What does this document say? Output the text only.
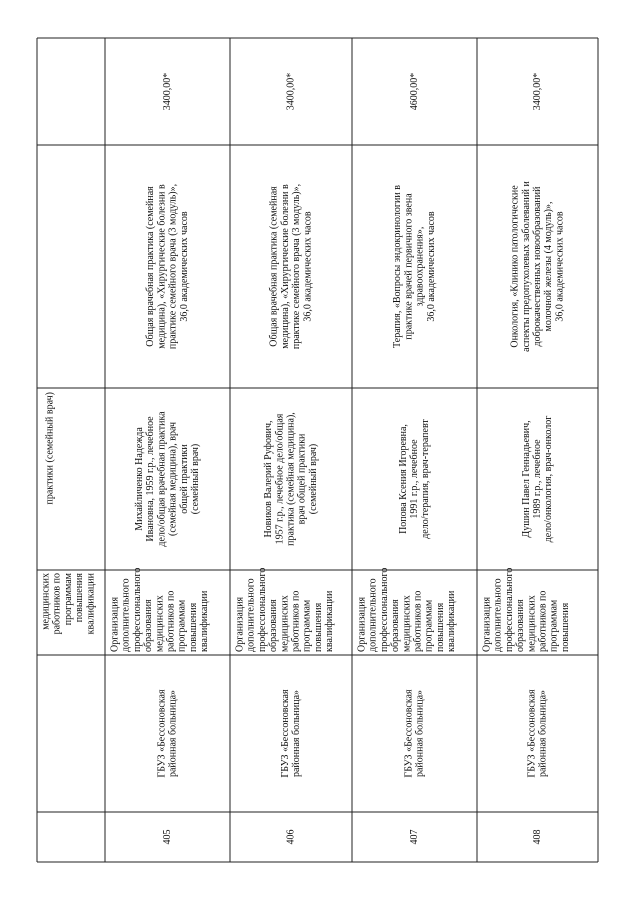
медицинских работников по программам повышения квалификации
практики (семейный врач)
405
ГБУЗ «Бессоновская районная больница»
Организация дополнительного профессионального образования медицинских работников по программам повышения квалификации
Михайличенко Надежда Ивановна, 1959 г.р., лечебное дело/общая врачебная практика (семейная медицина), врач общей практики (семейный врач)
Общая врачебная практика (семейная медицина), «Хирургические болезни в практике семейного врача (3 модуль)», 36,0 академических часов
3400,00*
406
ГБУЗ «Бессоновская районная больница»
Организация дополнительного профессионального образования медицинских работников по программам повышения квалификации
Новиков Валерий Руфович, 1957 г.р., лечебное дело/общая практика (семейная медицина), врач общей практики (семейный врач)
Общая врачебная практика (семейная медицина), «Хирургические болезни в практике семейного врача (3 модуль)», 36,0 академических часов
3400,00*
407
ГБУЗ «Бессоновская районная больница»
Организация дополнительного профессионального образования медицинских работников по программам повышения квалификации
Попова Ксения Игоревна, 1991 г.р., лечебное дело/терапия, врач-терапевт
Терапия, «Вопросы эндокринологии в практике врачей первичного звена здравоохранения», 36,0 академических часов
4600,00*
408
ГБУЗ «Бессоновская районная больница»
Организация дополнительного профессионального образования медицинских работников по программам повышения
Душин Павел Геннадьевич, 1989 г.р., лечебное дело/онкология, врач-онколог
Онкология, «Клинико патологические аспекты предопухолевых заболеваний и доброкачественных новообразований молочной железы (4 модуль)», 36,0 академических часов
3400,00*
